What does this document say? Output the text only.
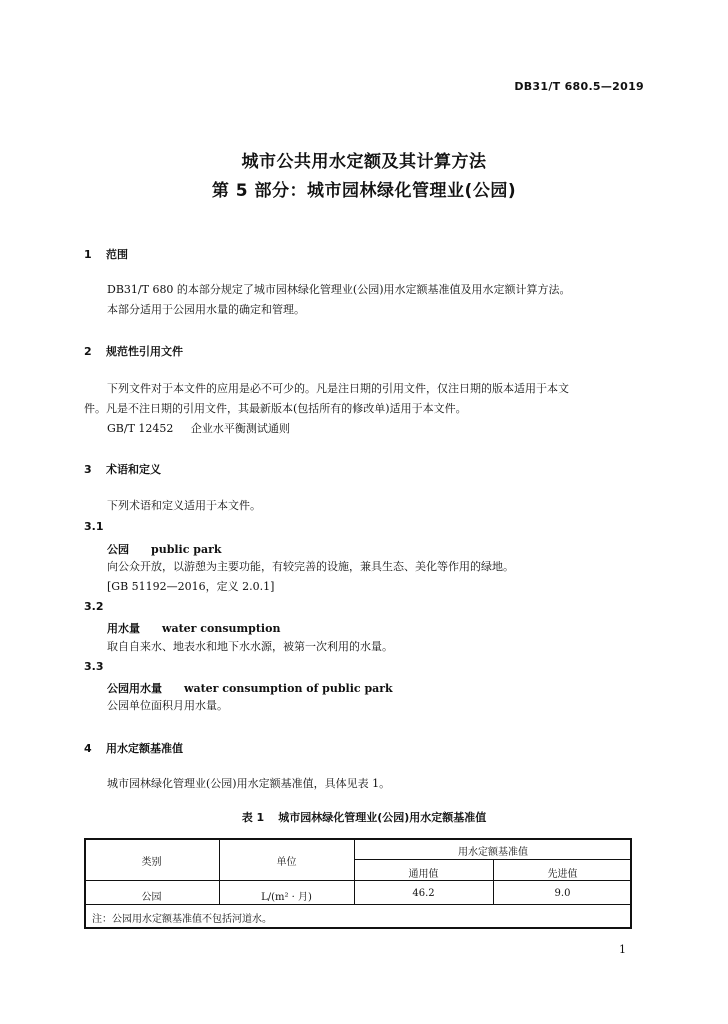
DB31/T 680.5—2019
城市公共用水定额及其计算方法
第 5 部分：城市园林绿化管理业(公园)
1 范围
DB31/T 680 的本部分规定了城市园林绿化管理业(公园)用水定额基准值及用水定额计算方法。
本部分适用于公园用水量的确定和管理。
2 规范性引用文件
下列文件对于本文件的应用是必不可少的。凡是注日期的引用文件，仅注日期的版本适用于本文
件。凡是不注日期的引用文件，其最新版本(包括所有的修改单)适用于本文件。
GB/T 12452 企业水平衡测试通则
3 术语和定义
下列术语和定义适用于本文件。
3.1
公园 public park
向公众开放，以游憩为主要功能，有较完善的设施，兼具生态、美化等作用的绿地。
[GB 51192—2016，定义 2.0.1]
3.2
用水量 water consumption
取自自来水、地表水和地下水水源，被第一次利用的水量。
3.3
公园用水量 water consumption of public park
公园单位面积月用水量。
4 用水定额基准值
城市园林绿化管理业(公园)用水定额基准值，具体见表 1。
表 1 城市园林绿化管理业(公园)用水定额基准值
类别	单位
用水定额基准值
通用值	先进值
公园	L/(m² · 月)	46.2	9.0
注：公园用水定额基准值不包括河道水。
1
